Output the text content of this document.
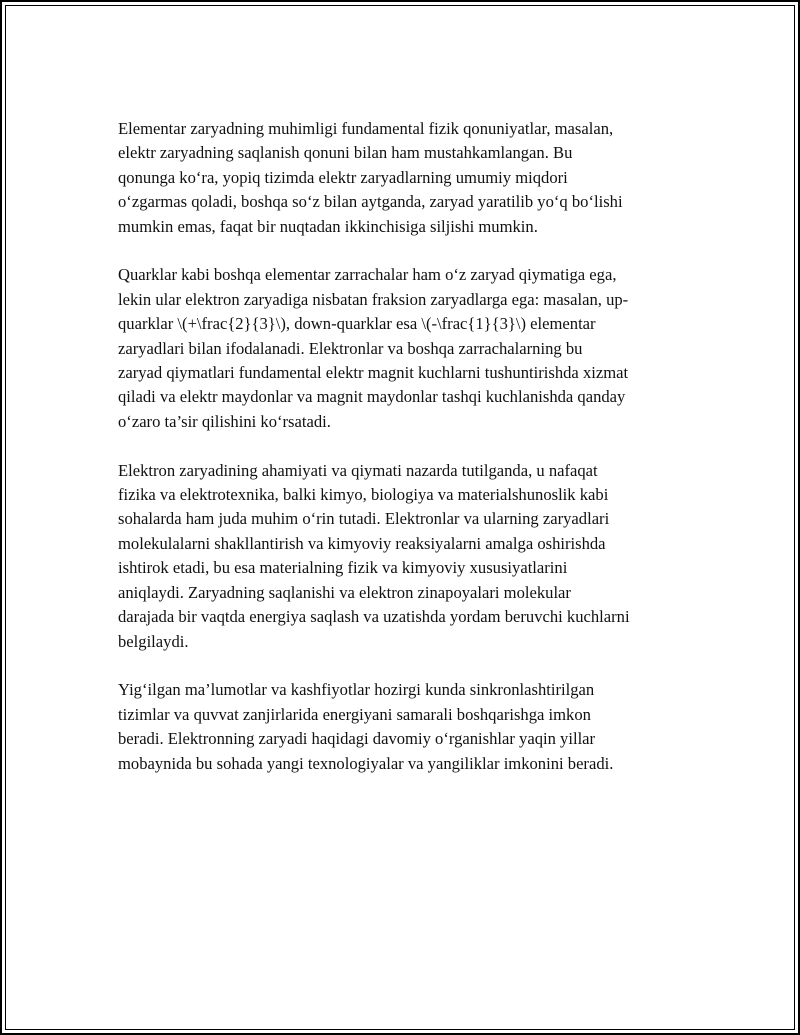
Elementar zaryadning muhimligi fundamental fizik qonuniyatlar, masalan,
elektr zaryadning saqlanish qonuni bilan ham mustahkamlangan. Bu
qonunga ko‘ra, yopiq tizimda elektr zaryadlarning umumiy miqdori
o‘zgarmas qoladi, boshqa so‘z bilan aytganda, zaryad yaratilib yo‘q bo‘lishi
mumkin emas, faqat bir nuqtadan ikkinchisiga siljishi mumkin.

Quarklar kabi boshqa elementar zarrachalar ham o‘z zaryad qiymatiga ega,
lekin ular elektron zaryadiga nisbatan fraksion zaryadlarga ega: masalan, up-
quarklar \(+\frac{2}{3}\), down-quarklar esa \(-\frac{1}{3}\) elementar
zaryadlari bilan ifodalanadi. Elektronlar va boshqa zarrachalarning bu
zaryad qiymatlari fundamental elektr magnit kuchlarni tushuntirishda xizmat
qiladi va elektr maydonlar va magnit maydonlar tashqi kuchlanishda qanday
o‘zaro ta’sir qilishini ko‘rsatadi.

Elektron zaryadining ahamiyati va qiymati nazarda tutilganda, u nafaqat
fizika va elektrotexnika, balki kimyo, biologiya va materialshunoslik kabi
sohalarda ham juda muhim o‘rin tutadi. Elektronlar va ularning zaryadlari
molekulalarni shakllantirish va kimyoviy reaksiyalarni amalga oshirishda
ishtirok etadi, bu esa materialning fizik va kimyoviy xususiyatlarini
aniqlaydi. Zaryadning saqlanishi va elektron zinapoyalari molekular
darajada bir vaqtda energiya saqlash va uzatishda yordam beruvchi kuchlarni
belgilaydi.

Yig‘ilgan ma’lumotlar va kashfiyotlar hozirgi kunda sinkronlashtirilgan
tizimlar va quvvat zanjirlarida energiyani samarali boshqarishga imkon
beradi. Elektronning zaryadi haqidagi davomiy o‘rganishlar yaqin yillar
mobaynida bu sohada yangi texnologiyalar va yangiliklar imkonini beradi.
